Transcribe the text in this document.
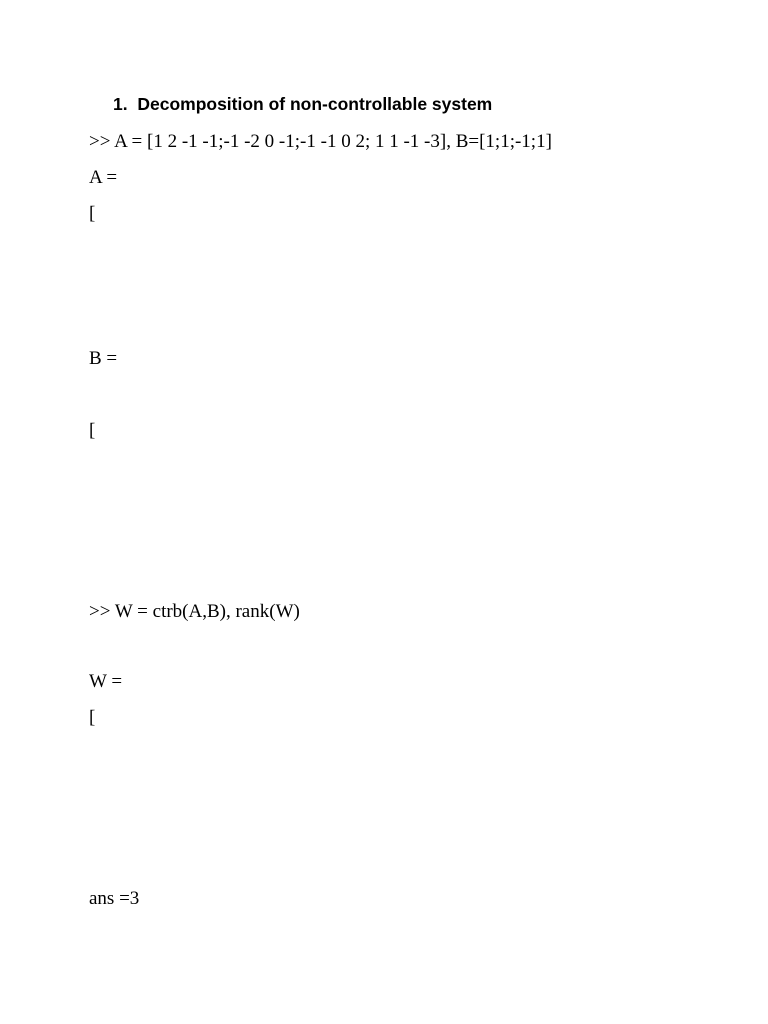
1. Decomposition of non-controllable system
>> A = [1 2 -1 -1;-1 -2 0 -1;-1 -1 0 2; 1 1 -1 -3], B=[1;1;-1;1]
A =
[
B =
[
>> W = ctrb(A,B), rank(W)
W =
[
ans =3
